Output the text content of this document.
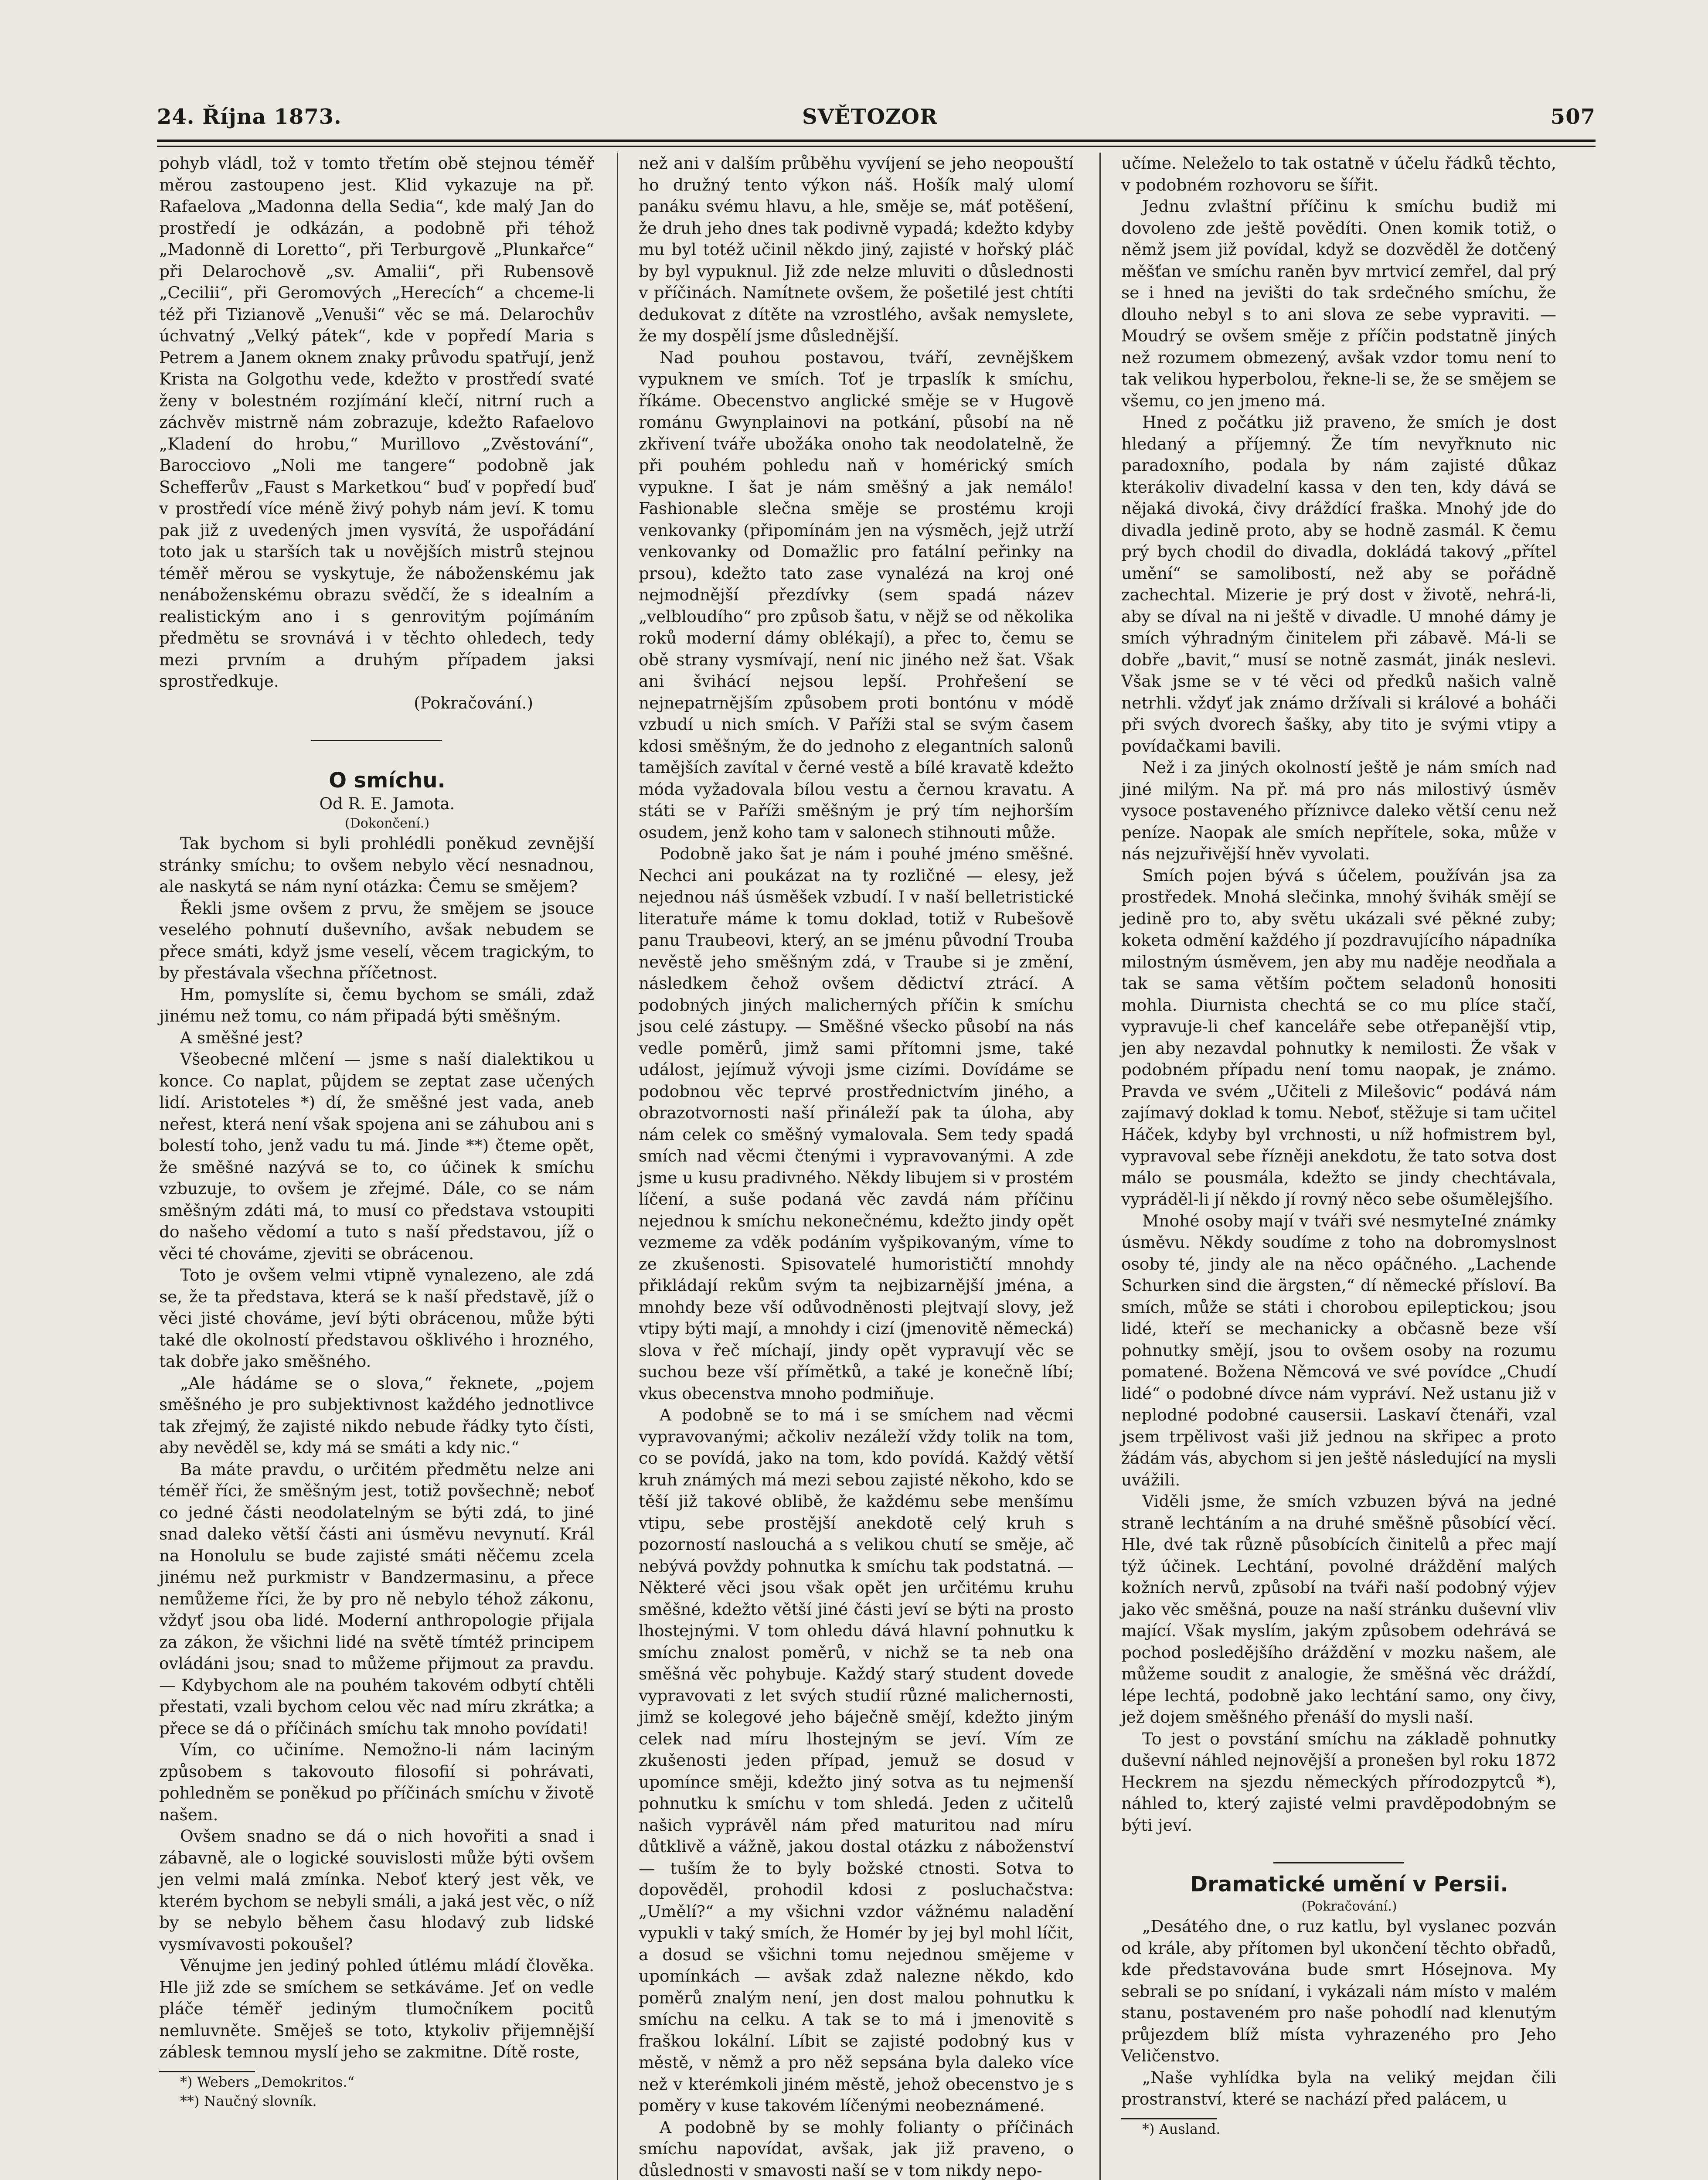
24. Října 1873.	SVĚTOZOR	507

pohyb vládl, tož v tomto třetím obě stejnou téměř měrou zastoupeno jest. Klid vykazuje na př. Rafaelova „Madonna della Sedia“, kde malý Jan do prostředí je odkázán, a podobně při téhož „Madonně di Loretto“, při Terburgově „Plunkařce“ při Delarochově „sv. Amalii“, při Rubensově „Cecilii“, při Geromových „Herecích“ a chceme-li též při Tizianově „Venuši“ věc se má. Delarochův úchvatný „Velký pátek“, kde v popředí Maria s Petrem a Janem oknem znaky průvodu spatřují, jenž Krista na Golgothu vede, kdežto v prostředí svaté ženy v bolestném rozjímání klečí, nitrní ruch a záchvěv mistrně nám zobrazuje, kdežto Rafaelovo „Kladení do hrobu,“ Murillovo „Zvěstování“, Barocciovo „Noli me tangere“ podobně jak Schefferův „Faust s Marketkou“ buď v popředí buď v prostředí více méně živý pohyb nám jeví. K tomu pak již z uvedených jmen vysvítá, že uspořádání toto jak u starších tak u novějších mistrů stejnou téměř měrou se vyskytuje, že náboženskému jak nenáboženskému obrazu svědčí, že s idealním a realistickým ano i s genrovitým pojímáním předmětu se srovnává i v těchto ohledech, tedy mezi prvním a druhým případem jaksi sprostředkuje.

(Pokračování.)

O smíchu.

Od R. E. Jamota.

(Dokončení.)

Tak bychom si byli prohlédli poněkud zevnější stránky smíchu; to ovšem nebylo věcí nesnadnou, ale naskytá se nám nyní otázka: Čemu se smějem?

Řekli jsme ovšem z prvu, že smějem se jsouce veselého pohnutí duševního, avšak nebudem se přece smáti, když jsme veselí, věcem tragickým, to by přestávala všechna příčetnost.

Hm, pomyslíte si, čemu bychom se smáli, zdaž jinému než tomu, co nám připadá býti směšným.

A směšné jest?

Všeobecné mlčení — jsme s naší dialektikou u konce. Co naplat, půjdem se zeptat zase učených lidí. Aristoteles *) dí, že směšné jest vada, aneb neřest, která není však spojena ani se záhubou ani s bolestí toho, jenž vadu tu má. Jinde **) čteme opět, že směšné nazývá se to, co účinek k smíchu vzbuzuje, to ovšem je zřejmé. Dále, co se nám směšným zdáti má, to musí co představa vstoupiti do našeho vědomí a tuto s naší představou, jíž o věci té chováme, zjeviti se obrácenou.

Toto je ovšem velmi vtipně vynalezeno, ale zdá se, že ta představa, která se k naší představě, jíž o věci jisté chováme, jeví býti obrácenou, může býti také dle okolností představou ošklivého i hrozného, tak dobře jako směšného.

„Ale hádáme se o slova,“ řeknete, „pojem směšného je pro subjektivnost každého jednotlivce tak zřejmý, že zajisté nikdo nebude řádky tyto čísti, aby nevěděl se, kdy má se smáti a kdy nic.“

Ba máte pravdu, o určitém předmětu nelze ani téměř říci, že směšným jest, totiž povšechně; neboť co jedné části neodolatelným se býti zdá, to jiné snad daleko větší části ani úsměvu nevynutí. Král na Honolulu se bude zajisté smáti něčemu zcela jinému než purkmistr v Bandzermasinu, a přece nemůžeme říci, že by pro ně nebylo téhož zákonu, vždyť jsou oba lidé. Moderní anthropologie přijala za zákon, že všichni lidé na světě tímtéž principem ovládáni jsou; snad to můžeme přijmout za pravdu. — Kdybychom ale na pouhém takovém odbytí chtěli přestati, vzali bychom celou věc nad míru zkrátka; a přece se dá o příčinách smíchu tak mnoho povídati!

Vím, co učiníme. Nemožno-li nám laciným způsobem s takovouto filosofií si pohrávati, pohledněm se poněkud po příčinách smíchu v životě našem.

Ovšem snadno se dá o nich hovořiti a snad i zábavně, ale o logické souvislosti může býti ovšem jen velmi malá zmínka. Neboť který jest věk, ve kterém bychom se nebyli smáli, a jaká jest věc, o níž by se nebylo během času hlodavý zub lidské vysmívavosti pokoušel?

Věnujme jen jediný pohled útlému mládí člověka. Hle již zde se smíchem se setkáváme. Jeť on vedle pláče téměř jediným tlumočníkem pocitů nemluvněte. Směješ se toto, ktykoliv přijemnější záblesk temnou myslí jeho se zakmitne. Dítě roste,

*) Webers „Demokritos.“

**) Naučný slovník.

než ani v dalším průběhu vyvíjení se jeho neopouští ho družný tento výkon náš. Hošík malý ulomí panáku svému hlavu, a hle, směje se, máť potěšení, že druh jeho dnes tak podivně vypadá; kdežto kdyby mu byl totéž učinil někdo jiný, zajisté v hořský pláč by byl vypuknul. Již zde nelze mluviti o důslednosti v příčinách. Namítnete ovšem, že pošetilé jest chtíti dedukovat z dítěte na vzrostlého, avšak nemyslete, že my dospělí jsme důslednější.

Nad pouhou postavou, tváří, zevnějškem vypuknem ve smích. Toť je trpaslík k smíchu, říkáme. Obecenstvo anglické směje se v Hugově románu Gwynplainovi na potkání, působí na ně zkřivení tváře ubožáka onoho tak neodolatelně, že při pouhém pohledu naň v homérický smích vypukne. I šat je nám směšný a jak nemálo! Fashionable slečna směje se prostému kroji venkovanky (připomínám jen na výsměch, jejž utrží venkovanky od Domažlic pro fatální peřinky na prsou), kdežto tato zase vynalézá na kroj oné nejmodnější přezdívky (sem spadá název „velbloudího“ pro způsob šatu, v nějž se od několika roků moderní dámy oblékají), a přec to, čemu se obě strany vysmívají, není nic jiného než šat. Však ani švihácí nejsou lepší. Prohřešení se nejnepatrnějším způsobem proti bontónu v módě vzbudí u nich smích. V Paříži stal se svým časem kdosi směšným, že do jednoho z elegantních salonů tamějších zavítal v černé vestě a bílé kravatě kdežto móda vyžadovala bílou vestu a černou kravatu. A státi se v Paříži směšným je prý tím nejhorším osudem, jenž koho tam v salonech stihnouti může.

Podobně jako šat je nám i pouhé jméno směšné. Nechci ani poukázat na ty rozličné — elesy, jež nejednou náš úsměšek vzbudí. I v naší belletristické literatuře máme k tomu doklad, totiž v Rubešově panu Traubeovi, který, an se jménu původní Trouba nevěstě jeho směšným zdá, v Traube si je změní, následkem čehož ovšem dědictví ztrácí. A podobných jiných malicherných příčin k smíchu jsou celé zástupy. — Směšné všecko působí na nás vedle poměrů, jimž sami přítomni jsme, také událost, jejímuž vývoji jsme cizími. Dovídáme se podobnou věc teprvé prostřednictvím jiného, a obrazotvornosti naší přináleží pak ta úloha, aby nám celek co směšný vymalovala. Sem tedy spadá smích nad věcmi čtenými i vypravovanými. A zde jsme u kusu pradivného. Někdy libujem si v prostém líčení, a suše podaná věc zavdá nám příčinu nejednou k smíchu nekonečnému, kdežto jindy opět vezmeme za vděk podáním vyšpikovaným, víme to ze zkušenosti. Spisovatelé humorističtí mnohdy přikládají rekům svým ta nejbizarnější jména, a mnohdy beze vší odůvodněnosti plejtvají slovy, jež vtipy býti mají, a mnohdy i cizí (jmenovitě německá) slova v řeč míchají, jindy opět vypravují věc se suchou beze vší přímětků, a také je konečně líbí; vkus obecenstva mnoho podmiňuje.

A podobně se to má i se smíchem nad věcmi vypravovanými; ačkoliv nezáleží vždy tolik na tom, co se povídá, jako na tom, kdo povídá. Každý větší kruh známých má mezi sebou zajisté někoho, kdo se těší již takové oblibě, že každému sebe menšímu vtipu, sebe prostější anekdotě celý kruh s pozorností naslouchá a s velikou chutí se směje, ač nebývá povždy pohnutka k smíchu tak podstatná. — Některé věci jsou však opět jen určitému kruhu směšné, kdežto větší jiné části jeví se býti na prosto lhostejnými. V tom ohledu dává hlavní pohnutku k smíchu znalost poměrů, v nichž se ta neb ona směšná věc pohybuje. Každý starý student dovede vypravovati z let svých studií různé malichernosti, jimž se kolegové jeho báječně smějí, kdežto jiným celek nad míru lhostejným se jeví. Vím ze zkušenosti jeden případ, jemuž se dosud v upomínce směji, kdežto jiný sotva as tu nejmenší pohnutku k smíchu v tom shledá. Jeden z učitelů našich vyprávěl nám před maturitou nad míru důtklivě a vážně, jakou dostal otázku z náboženství — tuším že to byly božské ctnosti. Sotva to dopověděl, prohodil kdosi z posluchačstva: „Umělí?“ a my všichni vzdor vážnému naladění vypukli v taký smích, že Homér by jej byl mohl líčit, a dosud se všichni tomu nejednou smějeme v upomínkách — avšak zdaž nalezne někdo, kdo poměrů znalým není, jen dost malou pohnutku k smíchu na celku. A tak se to má i jmenovitě s fraškou lokální. Líbit se zajisté podobný kus v městě, v němž a pro něž sepsána byla daleko více než v kterémkoli jiném městě, jehož obecenstvo je s poměry v kuse takovém líčenými neobeznámené.

A podobně by se mohly folianty o příčinách smíchu napovídat, avšak, jak již praveno, o důslednosti v smavosti naší se v tom nikdy nepo-

učíme. Neleželo to tak ostatně v účelu řádků těchto, v podobném rozhovoru se šířit.

Jednu zvlaštní příčinu k smíchu budiž mi dovoleno zde ještě povědíti. Onen komik totiž, o němž jsem již povídal, když se dozvěděl že dotčený měšťan ve smíchu raněn byv mrtvicí zemřel, dal prý se i hned na jevišti do tak srdečného smíchu, že dlouho nebyl s to ani slova ze sebe vypraviti. — Moudrý se ovšem směje z příčin podstatně jiných než rozumem obmezený, avšak vzdor tomu není to tak velikou hyperbolou, řekne-li se, že se smějem se všemu, co jen jmeno má.

Hned z počátku již praveno, že smích je dost hledaný a příjemný. Že tím nevyřknuto nic paradoxního, podala by nám zajisté důkaz kterákoliv divadelní kassa v den ten, kdy dává se nějaká divoká, čivy dráždící fraška. Mnohý jde do divadla jedině proto, aby se hodně zasmál. K čemu prý bych chodil do divadla, dokládá takový „přítel umění“ se samolibostí, než aby se pořádně zachechtal. Mizerie je prý dost v životě, nehrá-li, aby se díval na ni ještě v divadle. U mnohé dámy je smích výhradným činitelem při zábavě. Má-li se dobře „bavit,“ musí se notně zasmát, jinák neslevi. Však jsme se v té věci od předků našich valně netrhli. vždyť jak známo držívali si králové a boháči při svých dvorech šašky, aby tito je svými vtipy a povídačkami bavili.

Než i za jiných okolností ještě je nám smích nad jiné milým. Na př. má pro nás milostivý úsměv vysoce postaveného příznivce daleko větší cenu než peníze. Naopak ale smích nepřítele, soka, může v nás nejzuřivější hněv vyvolati.

Smích pojen bývá s účelem, používán jsa za prostředek. Mnohá slečinka, mnohý švihák smějí se jedině pro to, aby světu ukázali své pěkné zuby; koketa odmění každého jí pozdravujícího nápadníka milostným úsměvem, jen aby mu naděje neodňala a tak se sama větším počtem seladonů honositi mohla. Diurnista chechtá se co mu plíce stačí, vypravuje-li chef kanceláře sebe otřepanější vtip, jen aby nezavdal pohnutky k nemilosti. Že však v podobném případu není tomu naopak, je známo. Pravda ve svém „Učiteli z Milešovic“ podává nám zajímavý doklad k tomu. Neboť, stěžuje si tam učitel Háček, kdyby byl vrchnosti, u níž hofmistrem byl, vypravoval sebe řízněji anekdotu, že tato sotva dost málo se pousmála, kdežto se jindy chechtávala, vypráděl-li jí někdo jí rovný něco sebe ošumělejšího.

Mnohé osoby mají v tváři své nesmyteIné známky úsměvu. Někdy soudíme z toho na dobromyslnost osoby té, jindy ale na něco opáčného. „Lachende Schurken sind die ärgsten,“ dí německé přísloví. Ba smích, může se státi i chorobou epileptickou; jsou lidé, kteří se mechanicky a občasně beze vší pohnutky smějí, jsou to ovšem osoby na rozumu pomatené. Božena Němcová ve své povídce „Chudí lidé“ o podobné dívce nám vypráví. Než ustanu již v neplodné podobné causersii. Laskaví čtenáři, vzal jsem trpělivost vaši již jednou na skřipec a proto žádám vás, abychom si jen ještě následující na mysli uvážili.

Viděli jsme, že smích vzbuzen bývá na jedné straně lechtáním a na druhé směšně působící věcí. Hle, dvé tak různě působících činitelů a přec mají týž účinek. Lechtání, povolné dráždění malých kožních nervů, způsobí na tváři naší podobný výjev jako věc směšná, pouze na naší stránku duševní vliv mající. Však myslím, jakým způsobem odehrává se pochod posledějšího dráždění v mozku našem, ale můžeme soudit z analogie, že směšná věc dráždí, lépe lechtá, podobně jako lechtání samo, ony čivy, jež dojem směšného přenáší do mysli naší.

To jest o povstání smíchu na základě pohnutky duševní náhled nejnovější a pronešen byl roku 1872 Heckrem na sjezdu německých přírodozpytců *), náhled to, který zajisté velmi pravděpodobným se býti jeví.

Dramatické umění v Persii.

(Pokračování.)

„Desátého dne, o ruz katlu, byl vyslanec pozván od krále, aby přítomen byl ukončení těchto obřadů, kde představována bude smrt Hósejnova. My sebrali se po snídaní, i vykázali nám místo v malém stanu, postaveném pro naše pohodlí nad klenutým průjezdem blíž místa vyhrazeného pro Jeho Veličenstvo.

„Naše vyhlídka byla na veliký mejdan čili prostranství, které se nachází před palácem, u

*) Ausland.
